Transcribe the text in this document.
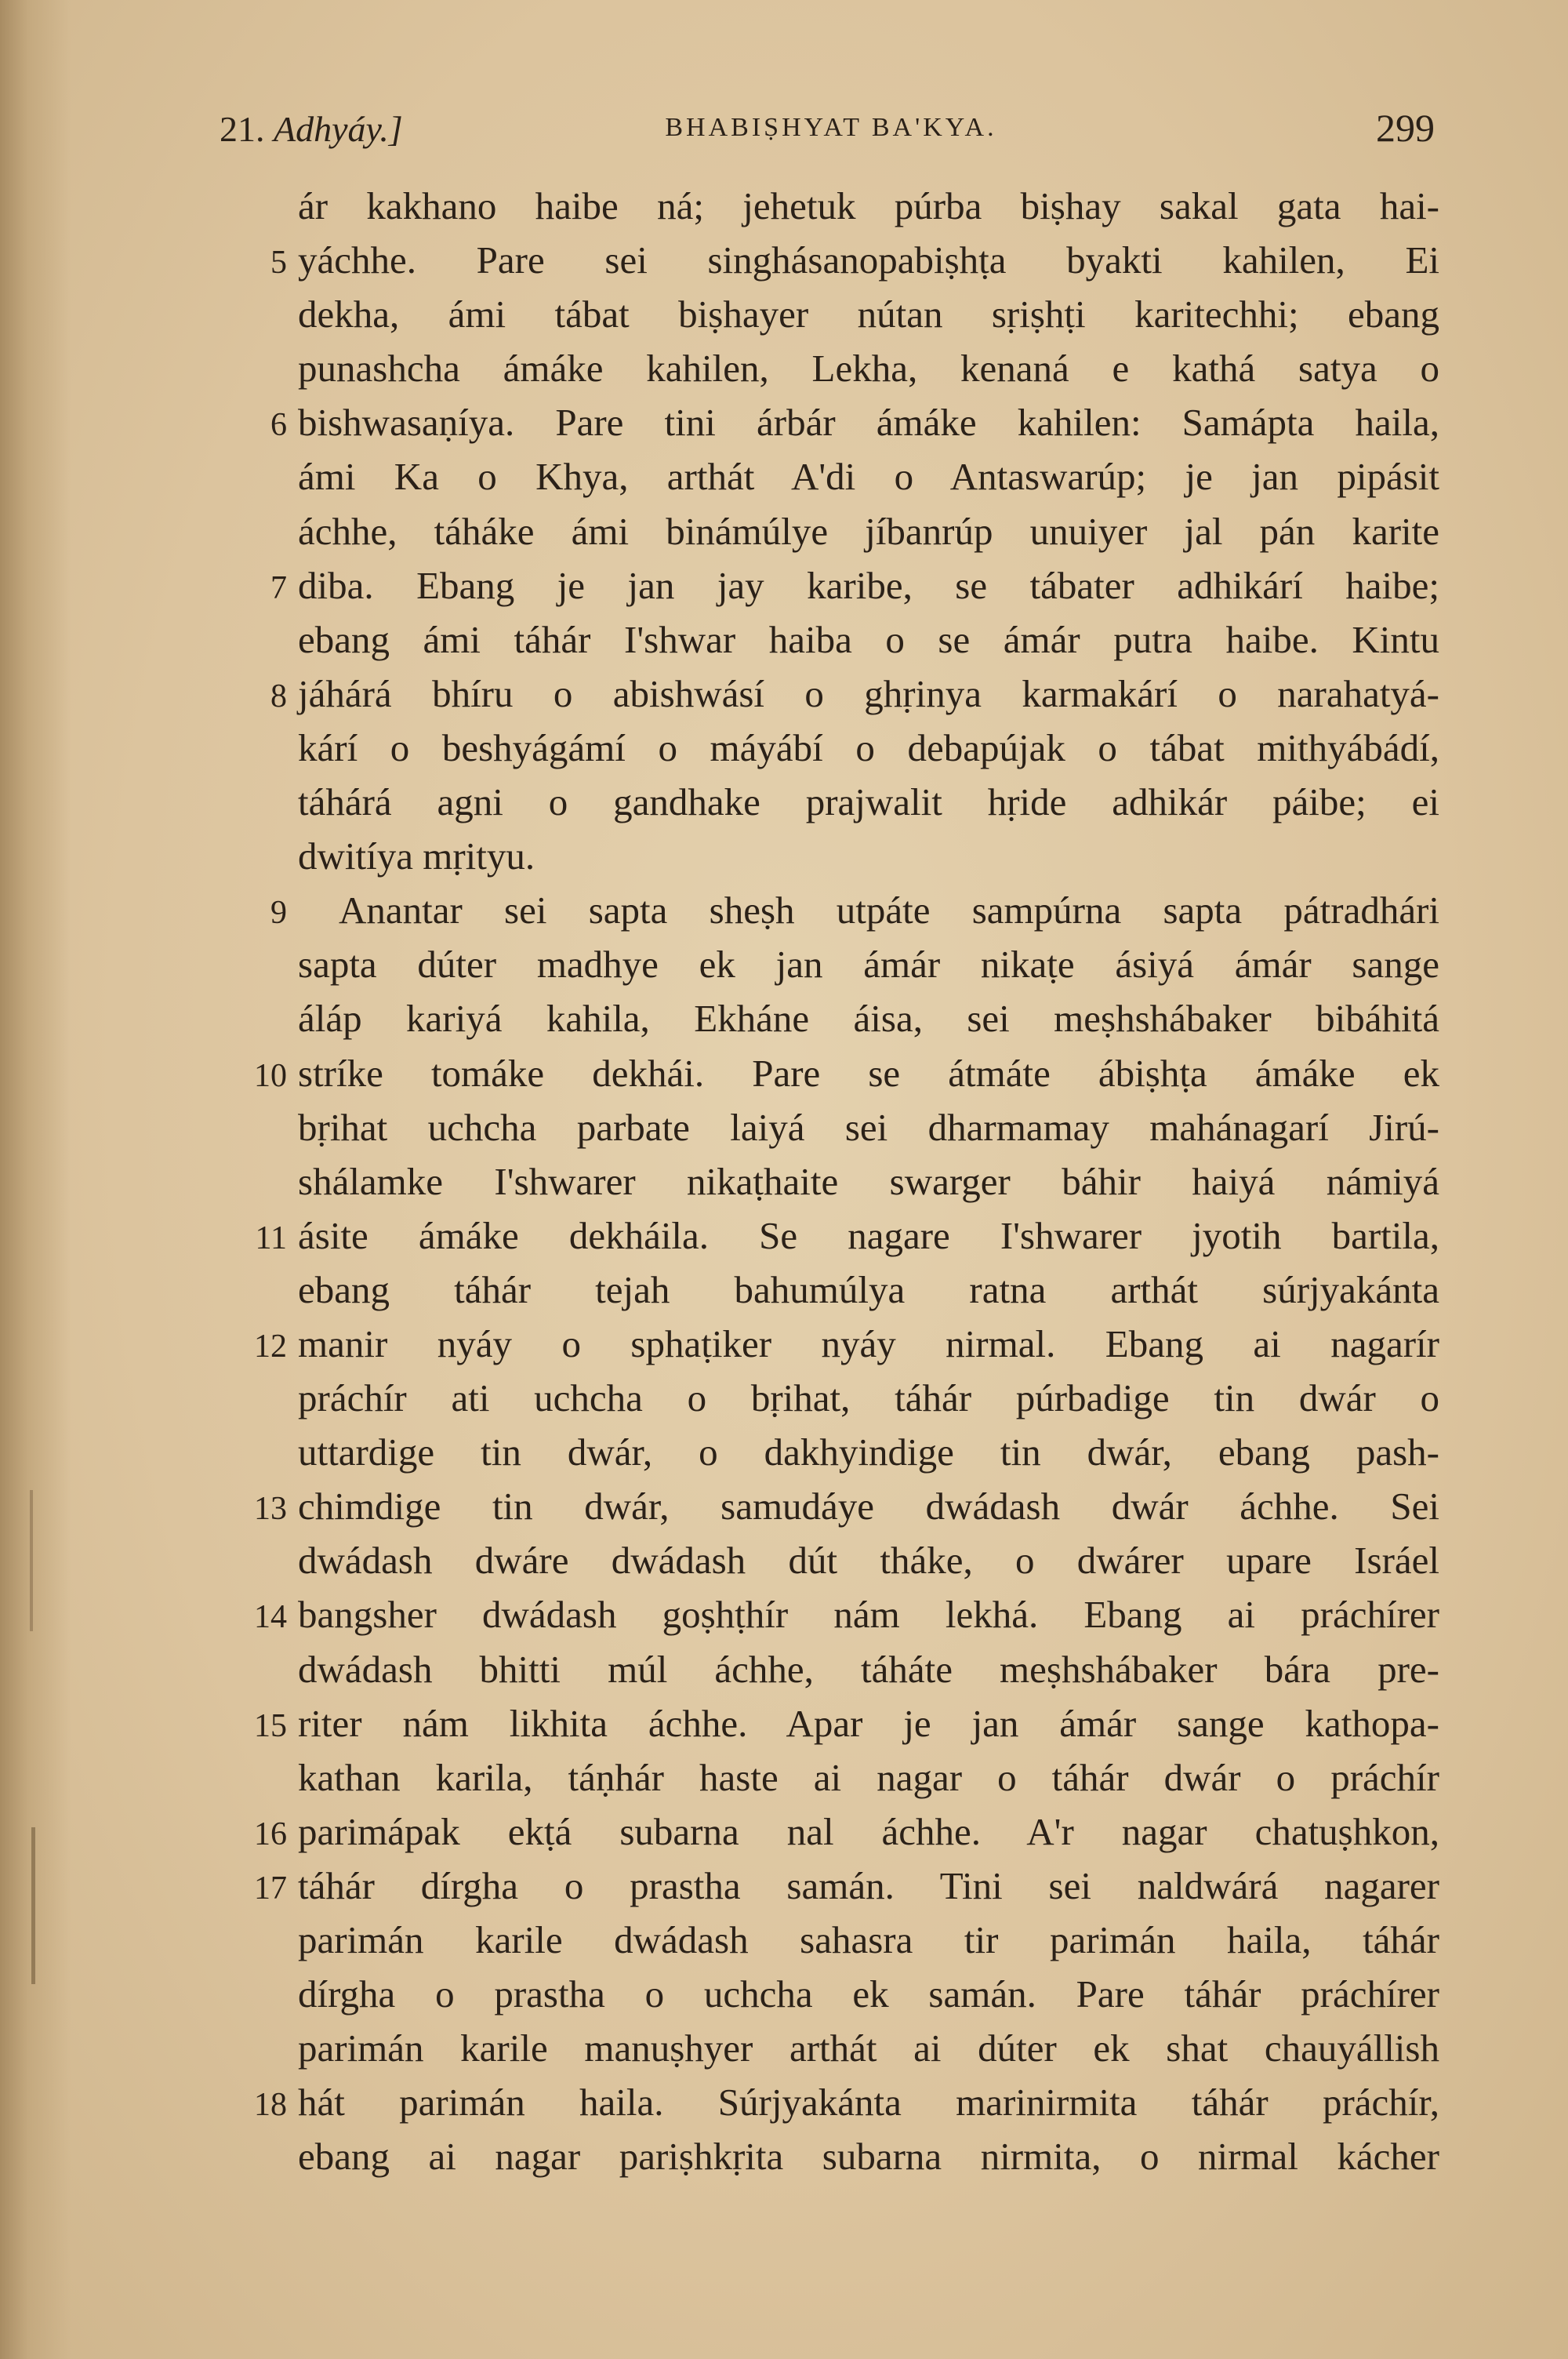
21. Adhyáy.]	BHABIṢHYAT BA'KYA.	299
ár kakhano haibe ná; jehetuk púrba biṣhay sakal gata hai-
5 yáchhe. Pare sei singhásanopabiṣhṭa byakti kahilen, Ei
dekha, ámi tábat biṣhayer nútan sṛiṣhṭi karitechhi; ebang
punashcha ámáke kahilen, Lekha, kenaná e kathá satya o
6 bishwasaṇíya. Pare tini árbár ámáke kahilen: Samápta haila,
ámi Ka o Khya, arthát A'di o Antaswarúp; je jan pipásit
áchhe, táháke ámi binámúlye jíbanrúp unuiyer jal pán karite
7 diba. Ebang je jan jay karibe, se tábater adhikárí haibe;
ebang ámi táhár I'shwar haiba o se ámár putra haibe. Kintu
8 jáhárá bhíru o abishwásí o ghṛinya karmakárí o narahatyá-
kárí o beshyágámí o máyábí o debapújak o tábat mithyábádí,
táhárá agni o gandhake prajwalit hṛide adhikár páibe; ei
dwitíya mṛityu.
9	Anantar sei sapta sheṣh utpáte sampúrna sapta pátradhári
sapta dúter madhye ek jan ámár nikaṭe ásiyá ámár sange
áláp kariyá kahila, Ekháne áisa, sei meṣhshábaker bibáhitá
10 stríke tomáke dekhái. Pare se átmáte ábiṣhṭa ámáke ek
bṛihat uchcha parbate laiyá sei dharmamay mahánagarí Jirú-
shálamke I'shwarer nikaṭhaite swarger báhir haiyá námiyá
11 ásite ámáke dekháila. Se nagare I'shwarer jyotih bartila,
ebang táhár tejah bahumúlya ratna arthát súrjyakánta
12 manir nyáy o sphaṭiker nyáy nirmal. Ebang ai nagarír
práchír ati uchcha o bṛihat, táhár púrbadige tin dwár o
uttardige tin dwár, o dakhyindige tin dwár, ebang pash-
13 chimdige tin dwár, samudáye dwádash dwár áchhe. Sei
dwádash dwáre dwádash dút tháke, o dwárer upare Isráel
14 bangsher dwádash goṣhṭhír nám lekhá. Ebang ai práchírer
dwádash bhitti múl áchhe, táháte meṣhshábaker bára pre-
15 riter nám likhita áchhe. Apar je jan ámár sange kathopa-
kathan karila, táṇhár haste ai nagar o táhár dwár o práchír
16 parimápak ekṭá subarna nal áchhe. A'r nagar chatuṣhkon,
17 táhár dírgha o prastha samán. Tini sei naldwárá nagarer
parimán karile dwádash sahasra tir parimán haila, táhár
dírgha o prastha o uchcha ek samán. Pare táhár práchírer
parimán karile manuṣhyer arthát ai dúter ek shat chauyállish
18 hát parimán haila. Súrjyakánta marinirmita táhár práchír,
ebang ai nagar pariṣhkṛita subarna nirmita, o nirmal kácher
